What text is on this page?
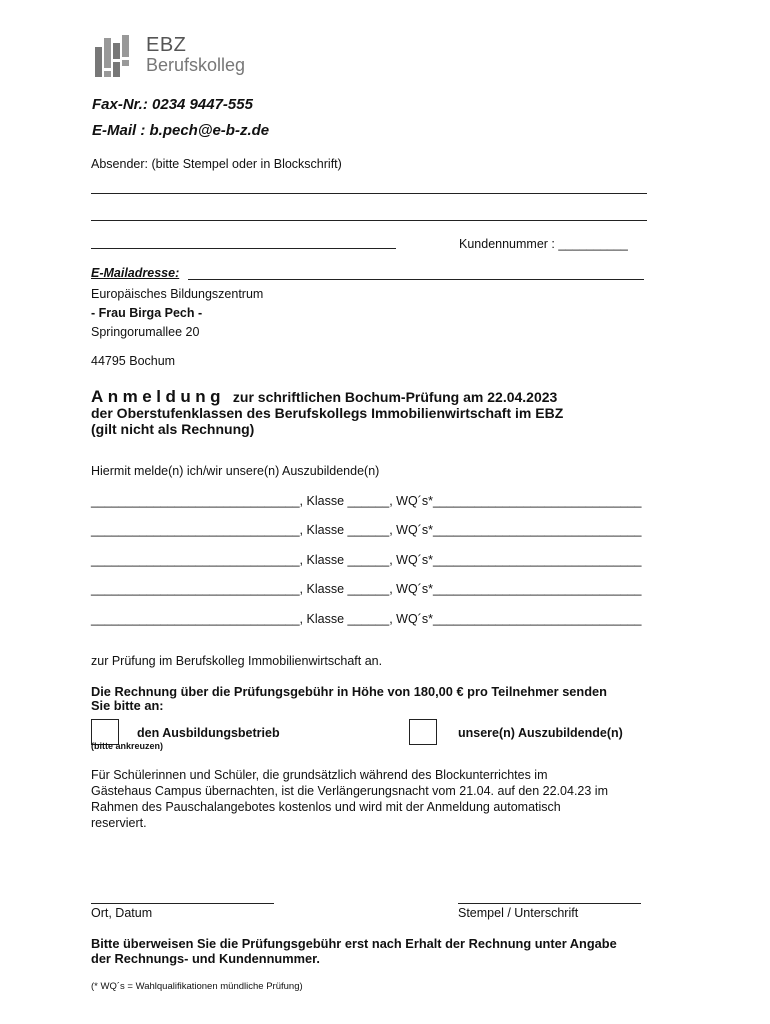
EBZ
Berufskolleg
Fax-Nr.: 0234 9447-555
E-Mail : b.pech@e-b-z.de
Absender: (bitte Stempel oder in Blockschrift)
Kundennummer : __________
E-Mailadresse:
Europäisches Bildungszentrum
- Frau Birga Pech -
Springorumallee 20
44795 Bochum
Anmeldung zur schriftlichen Bochum-Prüfung am 22.04.2023
der Oberstufenklassen des Berufskollegs Immobilienwirtschaft im EBZ
(gilt nicht als Rechnung)
Hiermit melde(n) ich/wir unsere(n) Auszubildende(n)
______________________________, Klasse ______, WQ´s*______________________________
______________________________, Klasse ______, WQ´s*______________________________
______________________________, Klasse ______, WQ´s*______________________________
______________________________, Klasse ______, WQ´s*______________________________
______________________________, Klasse ______, WQ´s*______________________________
zur Prüfung im Berufskolleg Immobilienwirtschaft an.
Die Rechnung über die Prüfungsgebühr in Höhe von 180,00 € pro Teilnehmer senden
Sie bitte an:
den Ausbildungsbetrieb
(bitte ankreuzen)
unsere(n) Auszubildende(n)
Für Schülerinnen und Schüler, die grundsätzlich während des Blockunterrichtes im Gästehaus Campus übernachten, ist die Verlängerungsnacht vom 21.04. auf den 22.04.23 im Rahmen des Pauschalangebotes kostenlos und wird mit der Anmeldung automatisch reserviert.
Ort, Datum	Stempel / Unterschrift
Bitte überweisen Sie die Prüfungsgebühr erst nach Erhalt der Rechnung unter Angabe
der Rechnungs- und Kundennummer.
(* WQ´s = Wahlqualifikationen mündliche Prüfung)
